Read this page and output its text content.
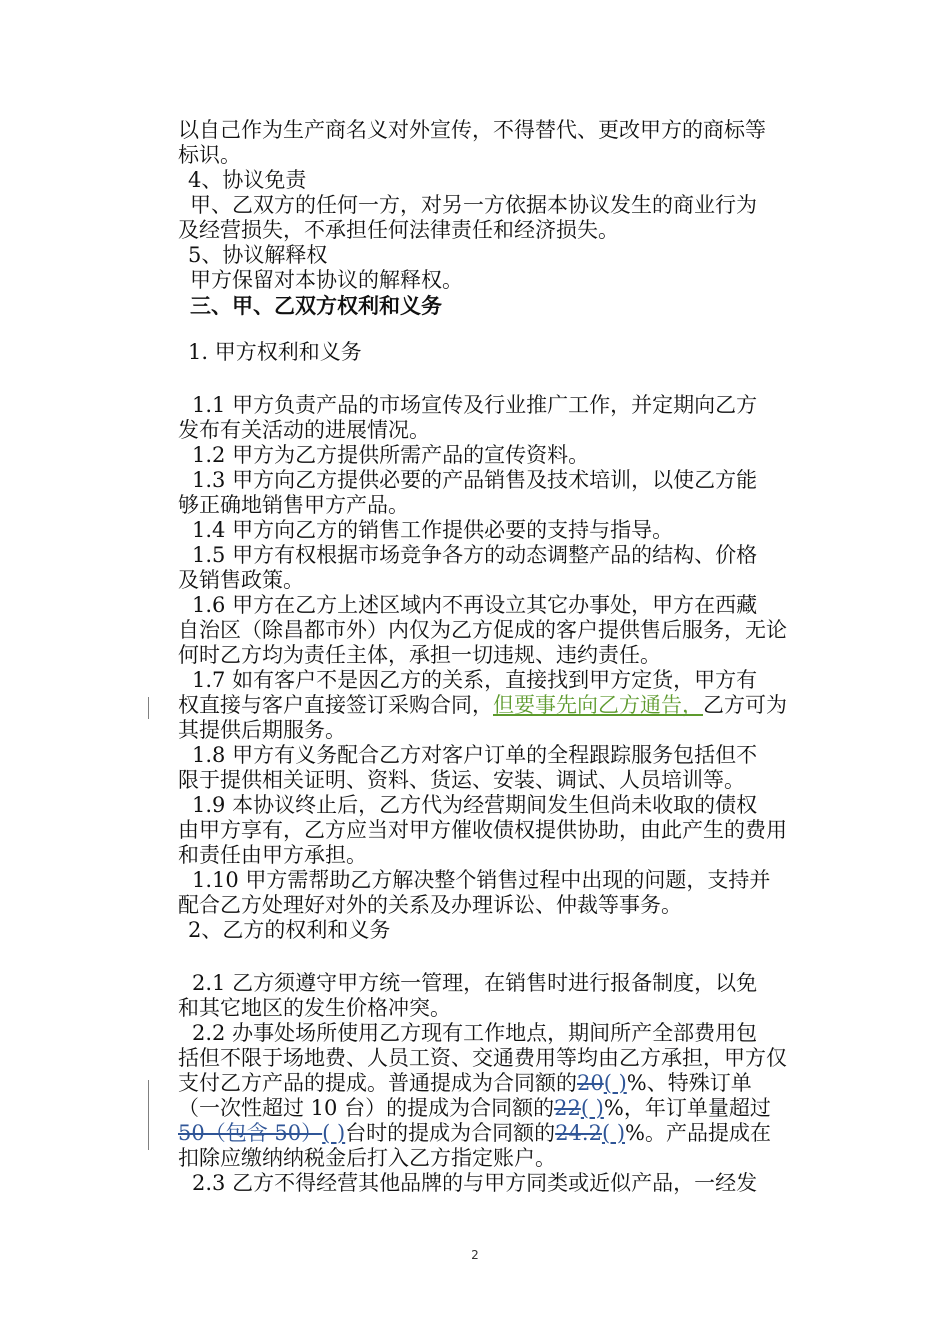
以自己作为生产商名义对外宣传，不得替代、更改甲方的商标等

标识。

4、协议免责

甲、乙双方的任何一方，对另一方依据本协议发生的商业行为

及经营损失，不承担任何法律责任和经济损失。

5、协议解释权

甲方保留对本协议的解释权。

三、甲、乙双方权利和义务

1. 甲方权利和义务

1.1 甲方负责产品的市场宣传及行业推广工作，并定期向乙方

发布有关活动的进展情况。

1.2 甲方为乙方提供所需产品的宣传资料。

1.3 甲方向乙方提供必要的产品销售及技术培训，以使乙方能

够正确地销售甲方产品。

1.4 甲方向乙方的销售工作提供必要的支持与指导。

1.5 甲方有权根据市场竞争各方的动态调整产品的结构、价格

及销售政策。

1.6 甲方在乙方上述区域内不再设立其它办事处，甲方在西藏

自治区（除昌都市外）内仅为乙方促成的客户提供售后服务，无论

何时乙方均为责任主体，承担一切违规、违约责任。

1.7 如有客户不是因乙方的关系，直接找到甲方定货，甲方有

权直接与客户直接签订采购合同，但要事先向乙方通告，乙方可为

其提供后期服务。

1.8 甲方有义务配合乙方对客户订单的全程跟踪服务包括但不

限于提供相关证明、资料、货运、安装、调试、人员培训等。

1.9 本协议终止后，乙方代为经营期间发生但尚未收取的债权

由甲方享有，乙方应当对甲方催收债权提供协助，由此产生的费用

和责任由甲方承担。

1.10 甲方需帮助乙方解决整个销售过程中出现的问题，支持并

配合乙方处理好对外的关系及办理诉讼、仲裁等事务。

2、乙方的权利和义务

2.1 乙方须遵守甲方统一管理，在销售时进行报备制度，以免

和其它地区的发生价格冲突。

2.2 办事处场所使用乙方现有工作地点，期间所产全部费用包

括但不限于场地费、人员工资、交通费用等均由乙方承担，甲方仅

支付乙方产品的提成。普通提成为合同额的20( )%、特殊订单

（一次性超过 10 台）的提成为合同额的22( )%，年订单量超过

50（包含 50）( )台时的提成为合同额的24.2( )%。产品提成在

扣除应缴纳纳税金后打入乙方指定账户。

2.3 乙方不得经营其他品牌的与甲方同类或近似产品，一经发

2
